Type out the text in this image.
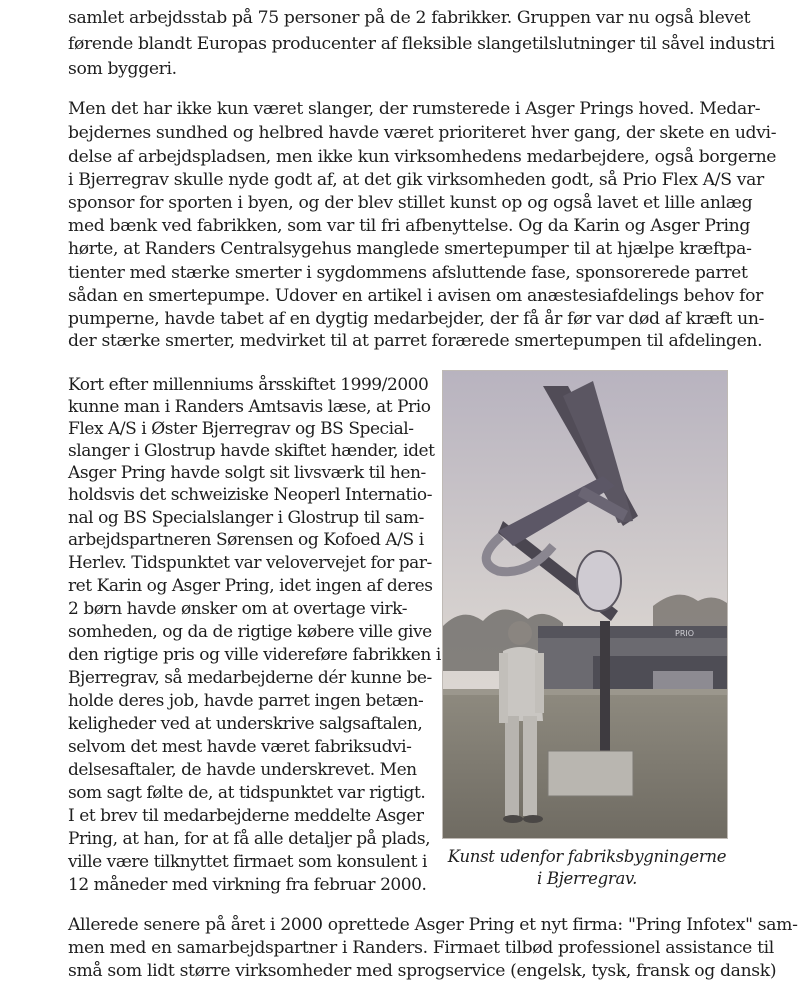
samlet arbejdsstab på 75 personer på de 2 fabrikker. Gruppen var nu også blevet
førende blandt Europas producenter af fleksible slangetilslutninger til såvel industri
som byggeri.
Men det har ikke kun været slanger, der rumsterede i Asger Prings hoved. Medar-
bejdernes sundhed og helbred havde været prioriteret hver gang, der skete en udvi-
delse af arbejdspladsen, men ikke kun virksomhedens medarbejdere, også borgerne
i Bjerregrav skulle nyde godt af, at det gik virksomheden godt, så Prio Flex A/S var
sponsor for sporten i byen, og der blev stillet kunst op og også lavet et lille anlæg
med bænk ved fabrikken, som var til fri afbenyttelse. Og da Karin og Asger Pring
hørte, at Randers Centralsygehus manglede smertepumper til at hjælpe kræftpa-
tienter med stærke smerter i sygdommens afsluttende fase, sponsorerede parret
sådan en smertepumpe. Udover en artikel i avisen om anæstesiafdelings behov for
pumperne, havde tabet af en dygtig medarbejder, der få år før var død af kræft un-
der stærke smerter, medvirket til at parret forærede smertepumpen til afdelingen.
Kort efter millenniums årsskiftet 1999/2000
kunne man i Randers Amtsavis læse, at Prio
Flex A/S i Øster Bjerregrav og BS Special-
slanger i Glostrup havde skiftet hænder, idet
Asger Pring havde solgt sit livsværk til hen-
holdsvis det schweiziske Neoperl Internatio-
nal og BS Specialslanger i Glostrup til sam-
arbejdspartneren Sørensen og Kofoed A/S i
Herlev. Tidspunktet var velovervejet for par-
ret Karin og Asger Pring, idet ingen af deres
2 børn havde ønsker om at overtage virk-
somheden, og da de rigtige købere ville give
den rigtige pris og ville videreføre fabrikken i
Bjerregrav, så medarbejderne dér kunne be-
holde deres job, havde parret ingen betæn-
keligheder ved at underskrive salgsaftalen,
selvom det mest havde været fabriksudvi-
delsesaftaler, de havde underskrevet. Men
som sagt følte de, at tidspunktet var rigtigt.
I et brev til medarbejderne meddelte Asger
Pring, at han, for at få alle detaljer på plads,
ville være tilknyttet firmaet som konsulent i
12 måneder med virkning fra februar 2000.
PRIO
Kunst udenfor fabriksbygningerne
i Bjerregrav.
Allerede senere på året i 2000 oprettede Asger Pring et nyt firma: "Pring Infotex" sam-
men med en samarbejdspartner i Randers. Firmaet tilbød professionel assistance til
små som lidt større virksomheder med sprogservice (engelsk, tysk, fransk og dansk)
